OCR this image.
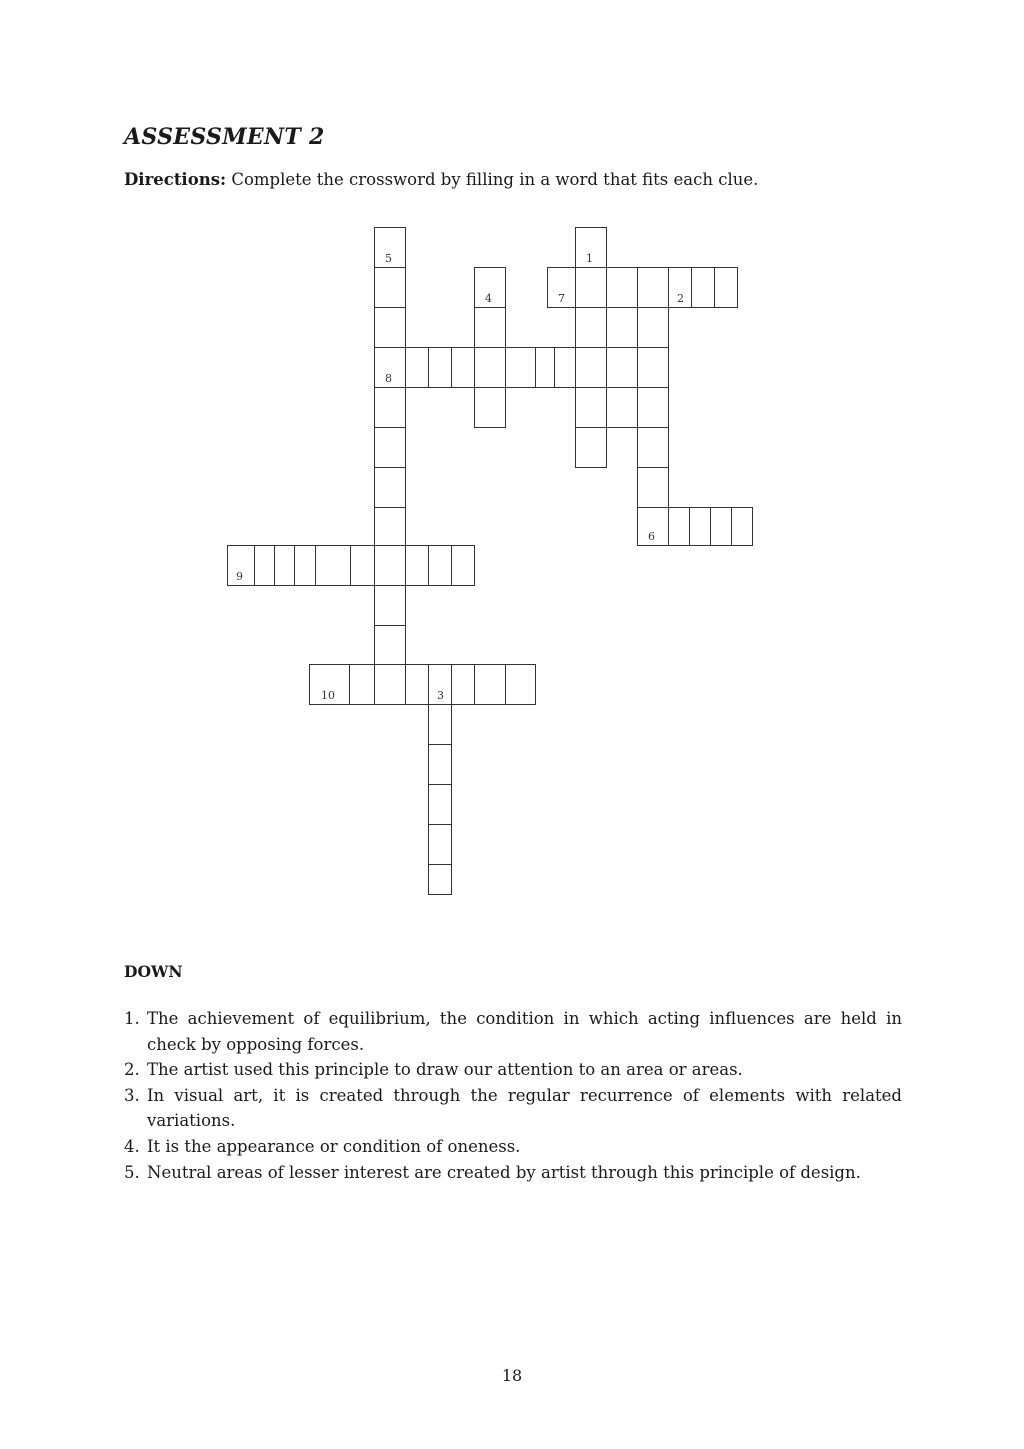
ASSESSMENT 2

Directions: Complete the crossword by filling in a word that fits each clue.

5	1
4	7	2
8
6
9
10	3
DOWN
1. The achievement of equilibrium, the condition in which acting influences are held in check by opposing forces.
2. The artist used this principle to draw our attention to an area or areas.
3. In visual art, it is created through the regular recurrence of elements with related variations.
4. It is the appearance or condition of oneness.
5. Neutral areas of lesser interest are created by artist through this principle of design.

18
